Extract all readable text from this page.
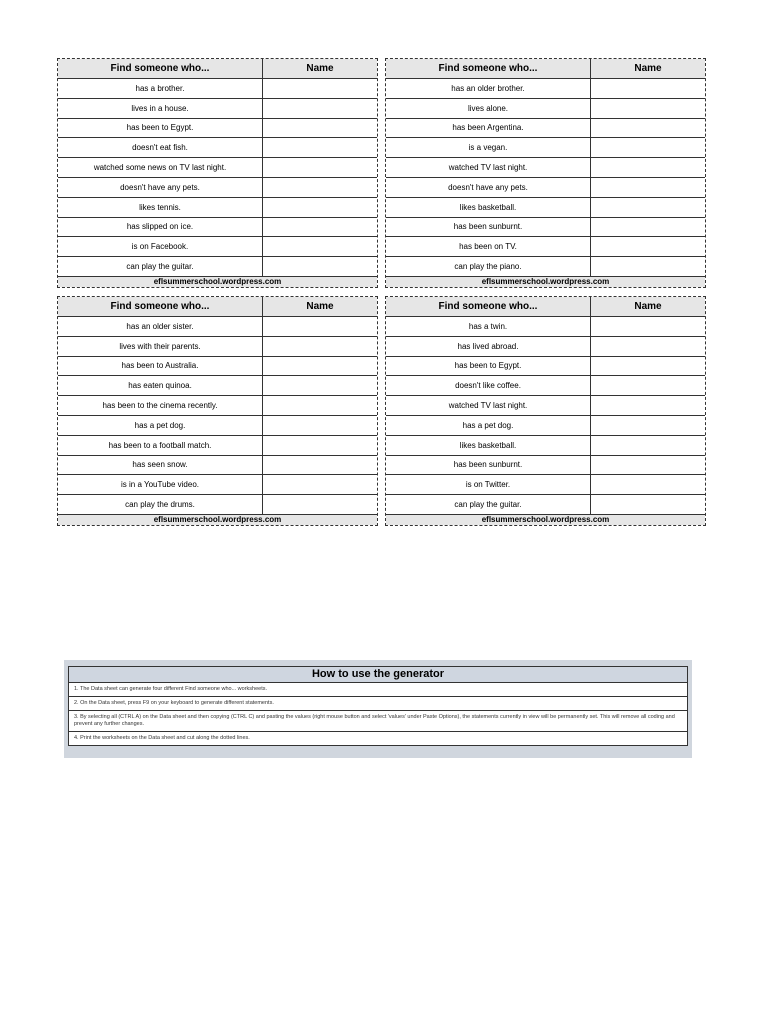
Find someone who...	Name
has a brother.	
lives in a house.	
has been to Egypt.	
doesn't eat fish.	
watched some news on TV last night.	
doesn't have any pets.	
likes tennis.	
has slipped on ice.	
is on Facebook.	
can play the guitar.	
eflsummerschool.wordpress.com
Find someone who...	Name
has an older brother.	
lives alone.	
has been Argentina.	
is a vegan.	
watched TV last night.	
doesn't have any pets.	
likes basketball.	
has been sunburnt.	
has been on TV.	
can play the piano.	
eflsummerschool.wordpress.com
Find someone who...	Name
has an older sister.	
lives with their parents.	
has been to Australia.	
has eaten quinoa.	
has been to the cinema recently.	
has a pet dog.	
has been to a football match.	
has seen snow.	
is in a YouTube video.	
can play the drums.	
eflsummerschool.wordpress.com
Find someone who...	Name
has a twin.	
has lived abroad.	
has been to Egypt.	
doesn't like coffee.	
watched TV last night.	
has a pet dog.	
likes basketball.	
has been sunburnt.	
is on Twitter.	
can play the guitar.	
eflsummerschool.wordpress.com
How to use the generator
1. The Data sheet can generate four different Find someone who... worksheets.
2. On the Data sheet, press F9 on your keyboard to generate different statements.
3. By selecting all (CTRL A) on the Data sheet and then copying (CTRL C) and pasting the values (right mouse button and select 'values' under Paste Options), the statements currently in view will be permanently set. This will remove all coding and prevent any further changes.
4. Print the worksheets on the Data sheet and cut along the dotted lines.
